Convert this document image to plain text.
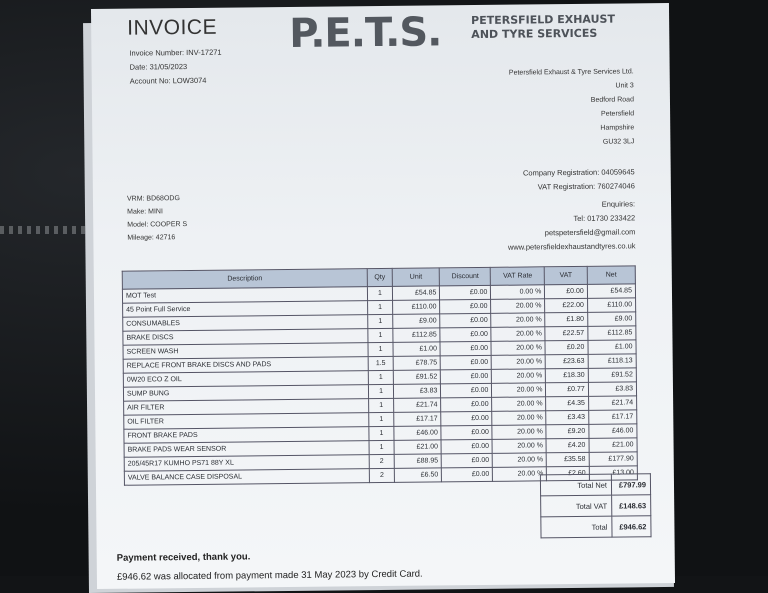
INVOICE
Invoice Number: INV-17271
Date: 31/05/2023
Account No: LOW3074
P.E.T.S.	PETERSFIELD EXHAUST
AND TYRE SERVICES
Petersfield Exhaust & Tyre Services Ltd.
Unit 3
Bedford Road
Petersfield
Hampshire
GU32 3LJ
Company Registration: 04059645
VAT Registration: 760274046
Enquiries:
Tel: 01730 233422
petspetersfield@gmail.com
www.petersfieldexhaustandtyres.co.uk
VRM: BD68ODG
Make: MINI
Model: COOPER S
Mileage: 42716
Description	Qty	Unit	Discount	VAT Rate	VAT	Net
MOT Test	1	£54.85	£0.00	0.00 %	£0.00	£54.85
45 Point Full Service	1	£110.00	£0.00	20.00 %	£22.00	£110.00
CONSUMABLES	1	£9.00	£0.00	20.00 %	£1.80	£9.00
BRAKE DISCS	1	£112.85	£0.00	20.00 %	£22.57	£112.85
SCREEN WASH	1	£1.00	£0.00	20.00 %	£0.20	£1.00
REPLACE FRONT BRAKE DISCS AND PADS	1.5	£78.75	£0.00	20.00 %	£23.63	£118.13
0W20 ECO Z OIL	1	£91.52	£0.00	20.00 %	£18.30	£91.52
SUMP BUNG	1	£3.83	£0.00	20.00 %	£0.77	£3.83
AIR FILTER	1	£21.74	£0.00	20.00 %	£4.35	£21.74
OIL FILTER	1	£17.17	£0.00	20.00 %	£3.43	£17.17
FRONT BRAKE PADS	1	£46.00	£0.00	20.00 %	£9.20	£46.00
BRAKE PADS WEAR SENSOR	1	£21.00	£0.00	20.00 %	£4.20	£21.00
205/45R17 KUMHO PS71 88Y XL	2	£88.95	£0.00	20.00 %	£35.58	£177.90
VALVE BALANCE CASE DISPOSAL	2	£6.50	£0.00	20.00 %	£2.60	£13.00
Total Net	£797.99
Total VAT	£148.63
Total	£946.62
Payment received, thank you.
£946.62 was allocated from payment made 31 May 2023 by Credit Card.
